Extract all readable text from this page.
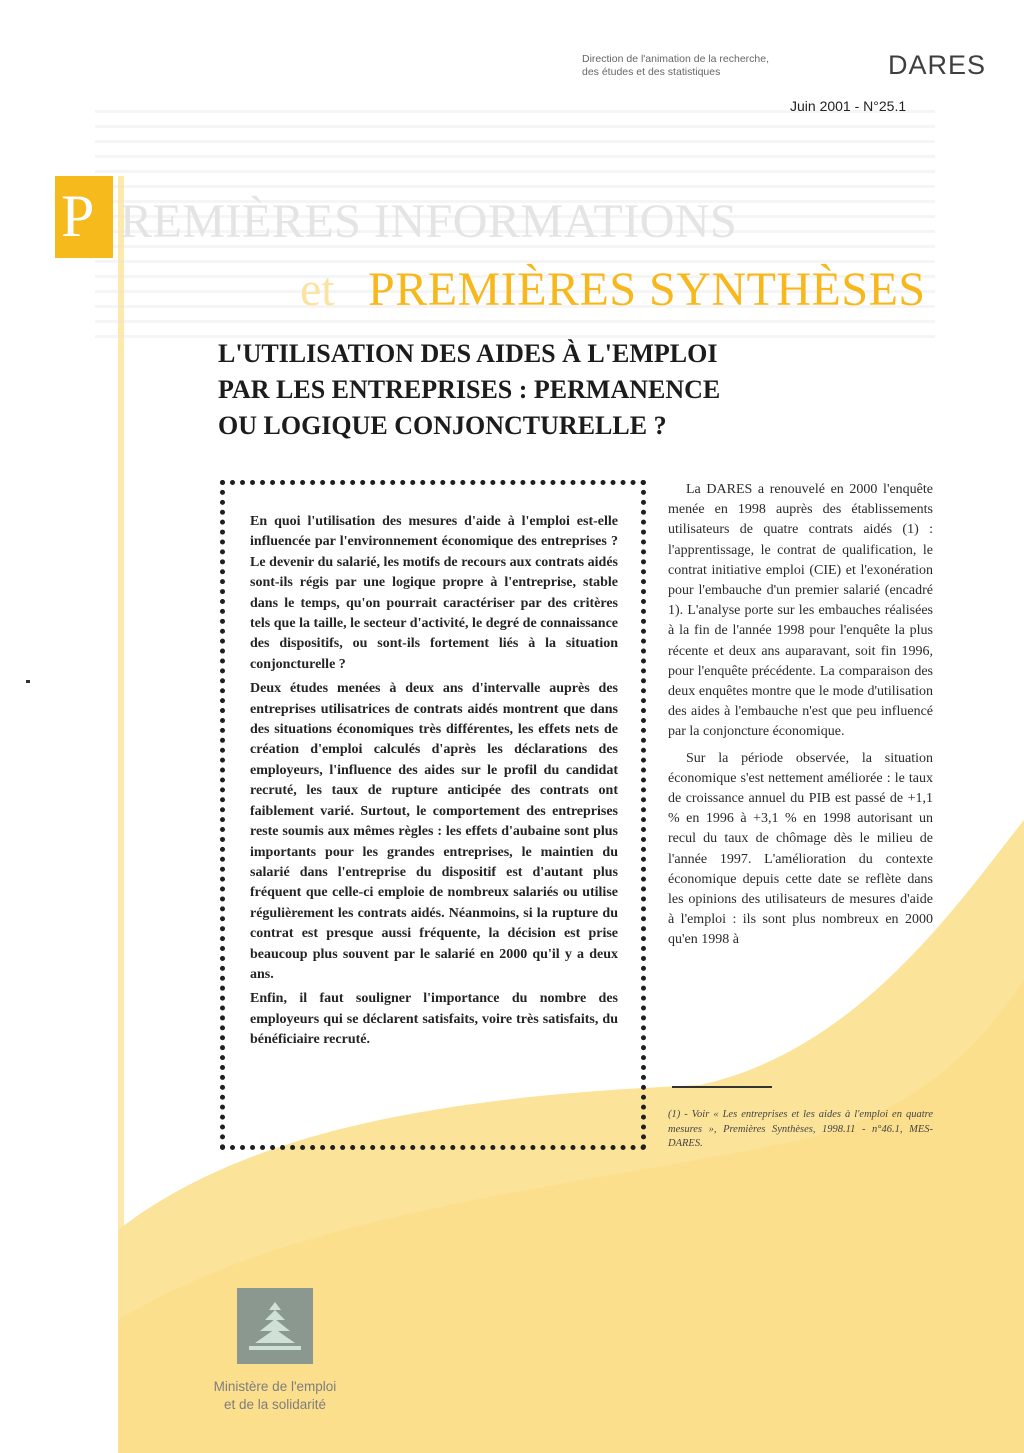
Direction de l'animation de la recherche,
des études et des statistiques	DARES
Juin 2001 - N°25.1
P REMIÈRES INFORMATIONS
et PREMIÈRES SYNTHÈSES
L'UTILISATION DES AIDES À L'EMPLOI
PAR LES ENTREPRISES : PERMANENCE
OU LOGIQUE CONJONCTURELLE ?

En quoi l'utilisation des mesures d'aide à l'emploi est-elle influencée par l'environnement économique des entreprises ? Le devenir du salarié, les motifs de recours aux contrats aidés sont-ils régis par une logique propre à l'entreprise, stable dans le temps, qu'on pourrait caractériser par des critères tels que la taille, le secteur d'activité, le degré de connaissance des dispositifs, ou sont-ils fortement liés à la situation conjoncturelle ?

Deux études menées à deux ans d'intervalle auprès des entreprises utilisatrices de contrats aidés montrent que dans des situations économiques très différentes, les effets nets de création d'emploi calculés d'après les déclarations des employeurs, l'influence des aides sur le profil du candidat recruté, les taux de rupture anticipée des contrats ont faiblement varié. Surtout, le comportement des entreprises reste soumis aux mêmes règles : les effets d'aubaine sont plus importants pour les grandes entreprises, le maintien du salarié dans l'entreprise du dispositif est d'autant plus fréquent que celle-ci emploie de nombreux salariés ou utilise régulièrement les contrats aidés. Néanmoins, si la rupture du contrat est presque aussi fréquente, la décision est prise beaucoup plus souvent par le salarié en 2000 qu'il y a deux ans.

Enfin, il faut souligner l'importance du nombre des employeurs qui se déclarent satisfaits, voire très satisfaits, du bénéficiaire recruté.

La DARES a renouvelé en 2000 l'enquête menée en 1998 auprès des établissements utilisateurs de quatre contrats aidés (1) : l'apprentissage, le contrat de qualification, le contrat initiative emploi (CIE) et l'exonération pour l'embauche d'un premier salarié (encadré 1). L'analyse porte sur les embauches réalisées à la fin de l'année 1998 pour l'enquête la plus récente et deux ans auparavant, soit fin 1996, pour l'enquête précédente. La comparaison des deux enquêtes montre que le mode d'utilisation des aides à l'embauche n'est que peu influencé par la conjoncture économique.

Sur la période observée, la situation économique s'est nettement améliorée : le taux de croissance annuel du PIB est passé de +1,1 % en 1996 à +3,1 % en 1998 autorisant un recul du taux de chômage dès le milieu de l'année 1997. L'amélioration du contexte économique depuis cette date se reflète dans les opinions des utilisateurs de mesures d'aide à l'emploi : ils sont plus nombreux en 2000 qu'en 1998 à

(1) - Voir « Les entreprises et les aides à l'emploi en quatre mesures », Premières Synthèses, 1998.11 - n°46.1, MES-DARES.
Ministère de l'emploi
et de la solidarité
